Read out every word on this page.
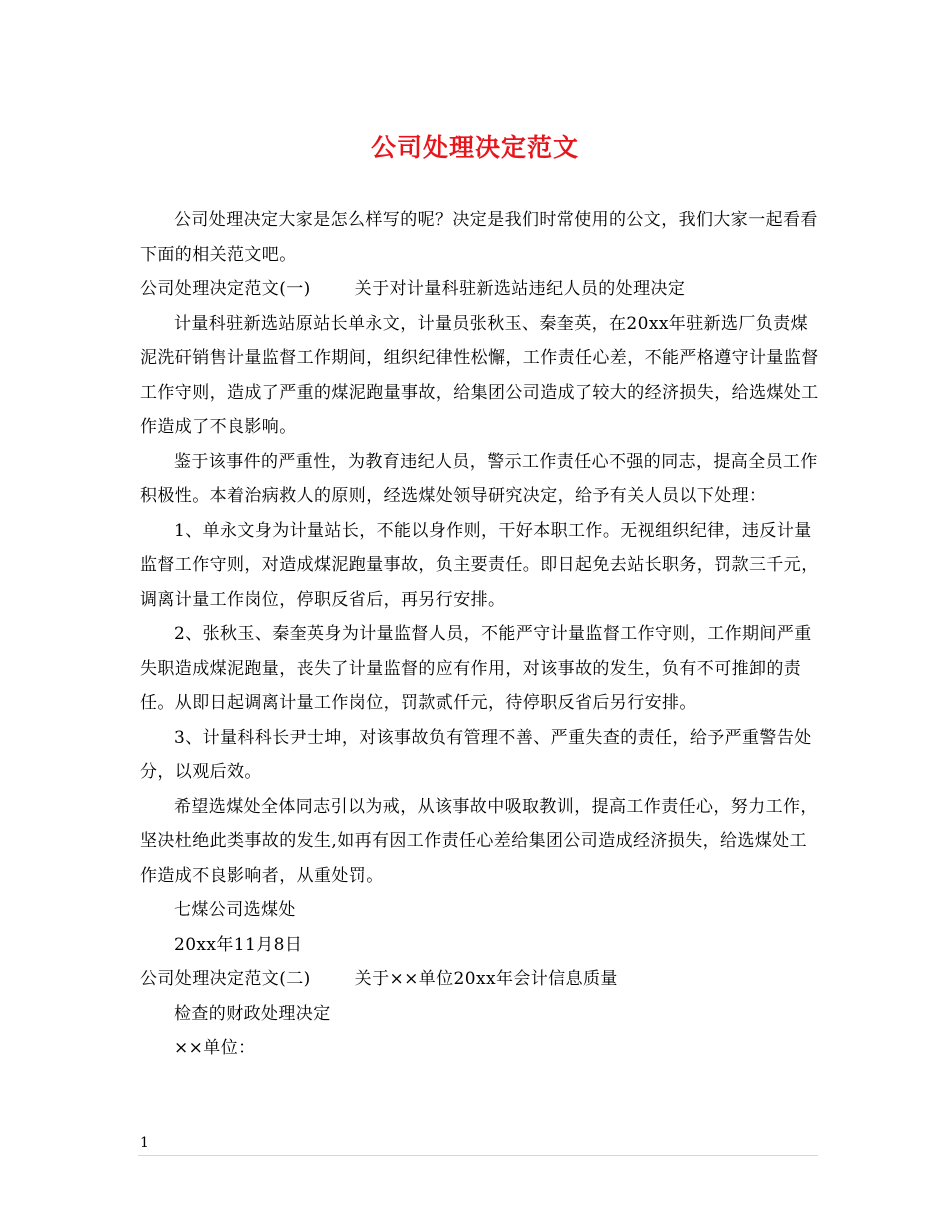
公司处理决定范文

公司处理决定大家是怎么样写的呢？决定是我们时常使用的公文，我们大家一起看看下面的相关范文吧。

公司处理决定范文(一)	关于对计量科驻新选站违纪人员的处理决定

计量科驻新选站原站长单永文，计量员张秋玉、秦奎英，在20xx年驻新选厂负责煤泥洗矸销售计量监督工作期间，组织纪律性松懈，工作责任心差，不能严格遵守计量监督工作守则，造成了严重的煤泥跑量事故，给集团公司造成了较大的经济损失，给选煤处工作造成了不良影响。

鉴于该事件的严重性，为教育违纪人员，警示工作责任心不强的同志，提高全员工作积极性。本着治病救人的原则，经选煤处领导研究决定，给予有关人员以下处理：

1、单永文身为计量站长，不能以身作则，干好本职工作。无视组织纪律，违反计量监督工作守则，对造成煤泥跑量事故，负主要责任。即日起免去站长职务，罚款三千元，调离计量工作岗位，停职反省后，再另行安排。

2、张秋玉、秦奎英身为计量监督人员，不能严守计量监督工作守则，工作期间严重失职造成煤泥跑量，丧失了计量监督的应有作用，对该事故的发生，负有不可推卸的责任。从即日起调离计量工作岗位，罚款贰仟元，待停职反省后另行安排。

3、计量科科长尹士坤，对该事故负有管理不善、严重失查的责任，给予严重警告处分，以观后效。

希望选煤处全体同志引以为戒，从该事故中吸取教训，提高工作责任心，努力工作，坚决杜绝此类事故的发生,如再有因工作责任心差给集团公司造成经济损失，给选煤处工作造成不良影响者，从重处罚。

七煤公司选煤处

20xx年11月8日

公司处理决定范文(二)	关于××单位20xx年会计信息质量

检查的财政处理决定

××单位：

1
